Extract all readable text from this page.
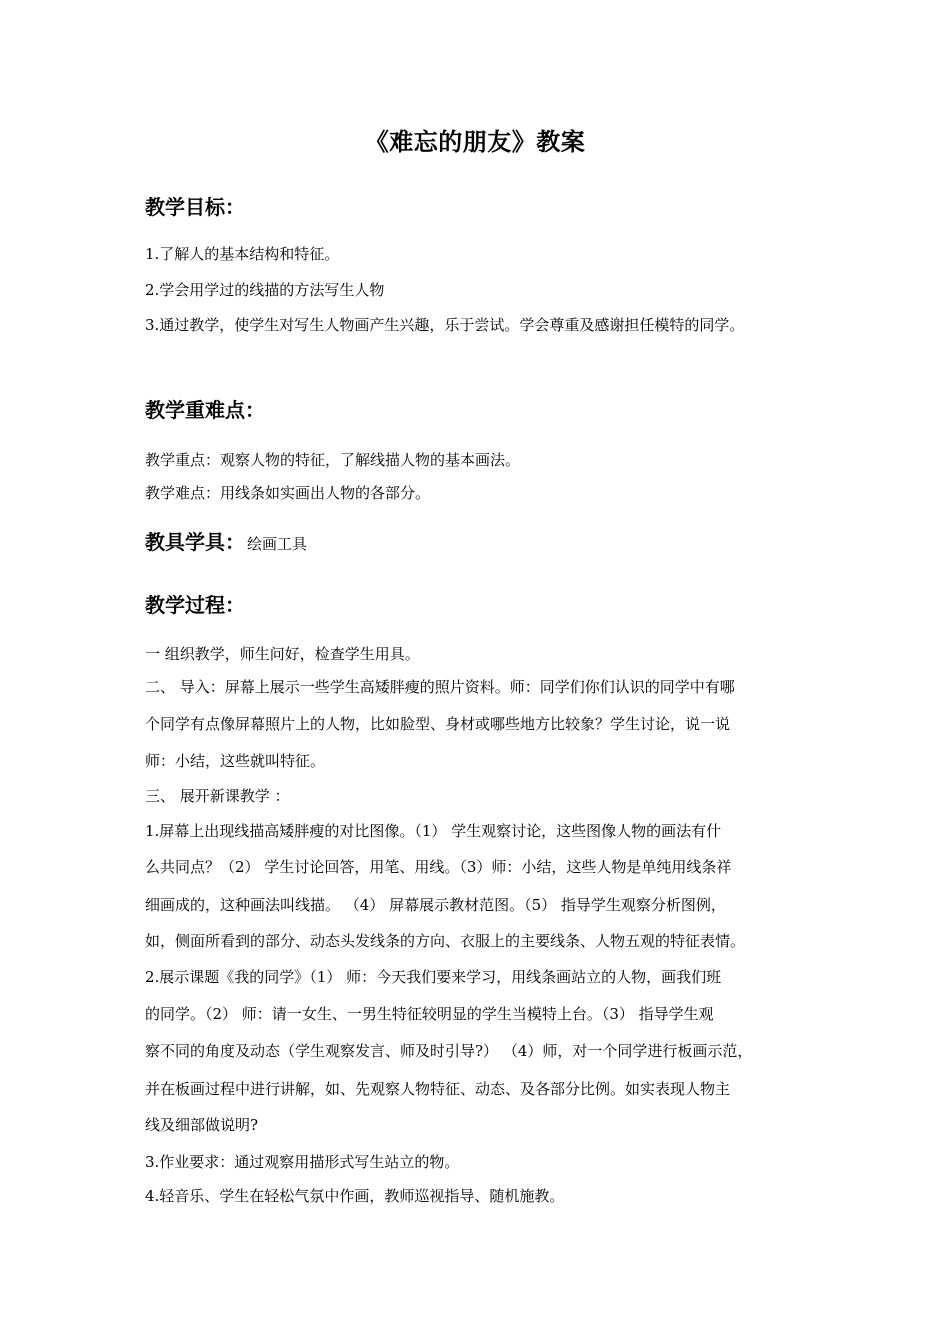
《难忘的朋友》教案
教学目标：
1.了解人的基本结构和特征。
2.学会用学过的线描的方法写生人物
3.通过教学，使学生对写生人物画产生兴趣，乐于尝试。学会尊重及感谢担任模特的同学。
教学重难点：
教学重点：观察人物的特征，了解线描人物的基本画法。
教学难点：用线条如实画出人物的各部分。
教具学具： 绘画工具
教学过程：
一 组织教学，师生问好，检查学生用具。
二、 导入：屏幕上展示一些学生高矮胖瘦的照片资料。师：同学们你们认识的同学中有哪
个同学有点像屏幕照片上的人物，比如脸型、身材或哪些地方比较象？学生讨论，说一说
师：小结，这些就叫特征。
三、 展开新课教学 ：
1.屏幕上出现线描高矮胖瘦的对比图像。（1） 学生观察讨论，这些图像人物的画法有什
么共同点？（2） 学生讨论回答，用笔、用线。（3）师：小结，这些人物是单纯用线条祥
细画成的，这种画法叫线描。 （4） 屏幕展示教材范图。（5） 指导学生观察分析图例，
如，侧面所看到的部分、动态头发线条的方向、衣服上的主要线条、人物五观的特征表情。
2.展示课题《我的同学》（1） 师：今天我们要来学习，用线条画站立的人物，画我们班
的同学。（2） 师：请一女生、一男生特征较明显的学生当模特上台。（3） 指导学生观
察不同的角度及动态（学生观察发言、师及时引导?） （4）师，对一个同学进行板画示范，
并在板画过程中进行讲解，如、先观察人物特征、动态、及各部分比例。如实表现人物主
线及细部做说明?
3.作业要求：通过观察用描形式写生站立的物。
4.轻音乐、学生在轻松气氛中作画，教师巡视指导、随机施教。
